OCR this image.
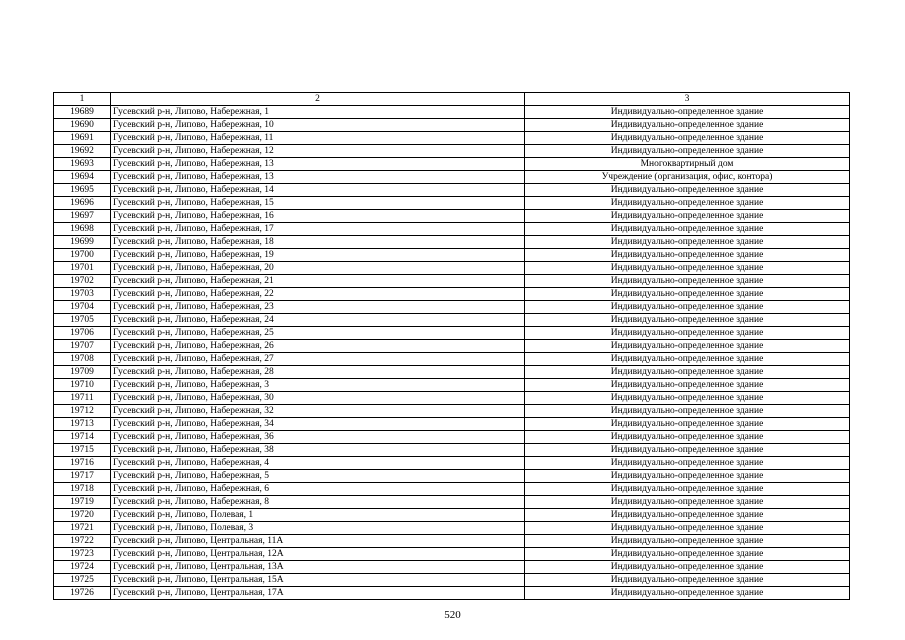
1	2	3
19689	Гусевский р-н, Липово, Набережная, 1	Индивидуально-определенное здание
19690	Гусевский р-н, Липово, Набережная, 10	Индивидуально-определенное здание
19691	Гусевский р-н, Липово, Набережная, 11	Индивидуально-определенное здание
19692	Гусевский р-н, Липово, Набережная, 12	Индивидуально-определенное здание
19693	Гусевский р-н, Липово, Набережная, 13	Многоквартирный дом
19694	Гусевский р-н, Липово, Набережная, 13	Учреждение (организация, офис, контора)
19695	Гусевский р-н, Липово, Набережная, 14	Индивидуально-определенное здание
19696	Гусевский р-н, Липово, Набережная, 15	Индивидуально-определенное здание
19697	Гусевский р-н, Липово, Набережная, 16	Индивидуально-определенное здание
19698	Гусевский р-н, Липово, Набережная, 17	Индивидуально-определенное здание
19699	Гусевский р-н, Липово, Набережная, 18	Индивидуально-определенное здание
19700	Гусевский р-н, Липово, Набережная, 19	Индивидуально-определенное здание
19701	Гусевский р-н, Липово, Набережная, 20	Индивидуально-определенное здание
19702	Гусевский р-н, Липово, Набережная, 21	Индивидуально-определенное здание
19703	Гусевский р-н, Липово, Набережная, 22	Индивидуально-определенное здание
19704	Гусевский р-н, Липово, Набережная, 23	Индивидуально-определенное здание
19705	Гусевский р-н, Липово, Набережная, 24	Индивидуально-определенное здание
19706	Гусевский р-н, Липово, Набережная, 25	Индивидуально-определенное здание
19707	Гусевский р-н, Липово, Набережная, 26	Индивидуально-определенное здание
19708	Гусевский р-н, Липово, Набережная, 27	Индивидуально-определенное здание
19709	Гусевский р-н, Липово, Набережная, 28	Индивидуально-определенное здание
19710	Гусевский р-н, Липово, Набережная, 3	Индивидуально-определенное здание
19711	Гусевский р-н, Липово, Набережная, 30	Индивидуально-определенное здание
19712	Гусевский р-н, Липово, Набережная, 32	Индивидуально-определенное здание
19713	Гусевский р-н, Липово, Набережная, 34	Индивидуально-определенное здание
19714	Гусевский р-н, Липово, Набережная, 36	Индивидуально-определенное здание
19715	Гусевский р-н, Липово, Набережная, 38	Индивидуально-определенное здание
19716	Гусевский р-н, Липово, Набережная, 4	Индивидуально-определенное здание
19717	Гусевский р-н, Липово, Набережная, 5	Индивидуально-определенное здание
19718	Гусевский р-н, Липово, Набережная, 6	Индивидуально-определенное здание
19719	Гусевский р-н, Липово, Набережная, 8	Индивидуально-определенное здание
19720	Гусевский р-н, Липово, Полевая, 1	Индивидуально-определенное здание
19721	Гусевский р-н, Липово, Полевая, 3	Индивидуально-определенное здание
19722	Гусевский р-н, Липово, Центральная, 11А	Индивидуально-определенное здание
19723	Гусевский р-н, Липово, Центральная, 12А	Индивидуально-определенное здание
19724	Гусевский р-н, Липово, Центральная, 13А	Индивидуально-определенное здание
19725	Гусевский р-н, Липово, Центральная, 15А	Индивидуально-определенное здание
19726	Гусевский р-н, Липово, Центральная, 17А	Индивидуально-определенное здание
520
